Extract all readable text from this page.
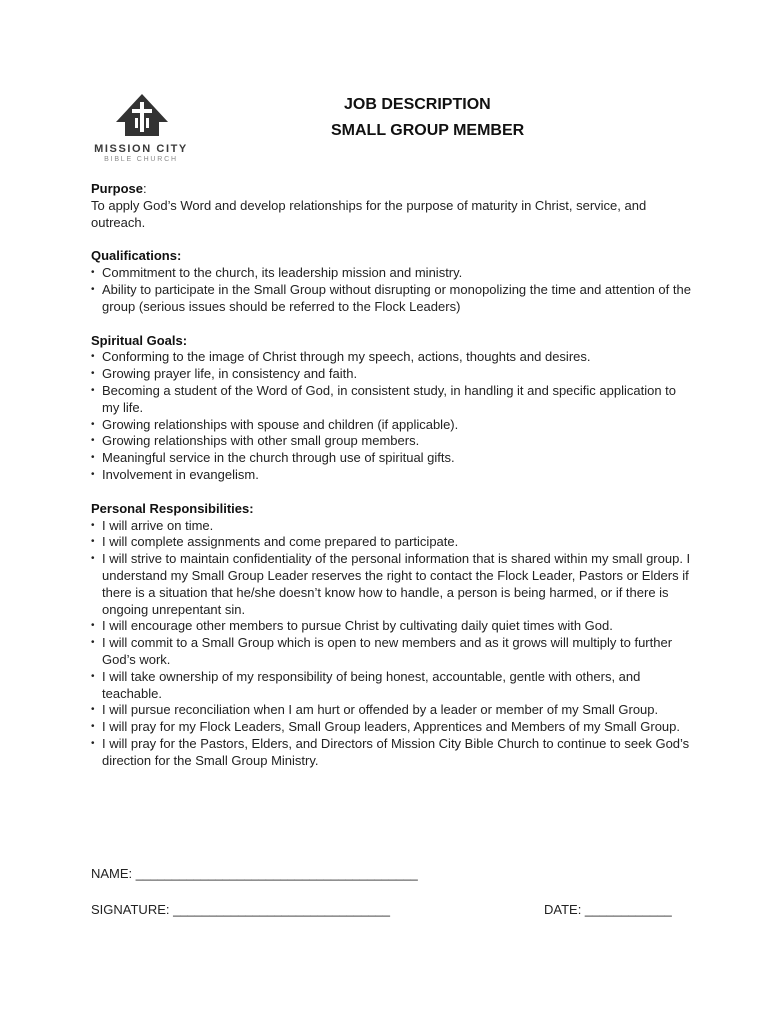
MISSION CITY
BIBLE CHURCH
JOB DESCRIPTION
SMALL GROUP MEMBER
Purpose:

To apply God’s Word and develop relationships for the purpose of maturity in Christ, service, and outreach.

Qualifications:
• Commitment to the church, its leadership mission and ministry.
• Ability to participate in the Small Group without disrupting or monopolizing the time and attention of the group (serious issues should be referred to the Flock Leaders)
Spiritual Goals:
• Conforming to the image of Christ through my speech, actions, thoughts and desires.
• Growing prayer life, in consistency and faith.
• Becoming a student of the Word of God, in consistent study, in handling it and specific application to my life.
• Growing relationships with spouse and children (if applicable).
• Growing relationships with other small group members.
• Meaningful service in the church through use of spiritual gifts.
• Involvement in evangelism.
Personal Responsibilities:
• I will arrive on time.
• I will complete assignments and come prepared to participate.
• I will strive to maintain confidentiality of the personal information that is shared within my small group. I understand my Small Group Leader reserves the right to contact the Flock Leader, Pastors or Elders if there is a situation that he/she doesn’t know how to handle, a person is being harmed, or if there is ongoing unrepentant sin.
• I will encourage other members to pursue Christ by cultivating daily quiet times with God.
• I will commit to a Small Group which is open to new members and as it grows will multiply to further God’s work.
• I will take ownership of my responsibility of being honest, accountable, gentle with others, and teachable.
• I will pursue reconciliation when I am hurt or offended by a leader or member of my Small Group.
• I will pray for my Flock Leaders, Small Group leaders, Apprentices and Members of my Small Group.
• I will pray for the Pastors, Elders, and Directors of Mission City Bible Church to continue to seek God’s direction for the Small Group Ministry.
NAME: _______________________________________
SIGNATURE: ______________________________	DATE: ____________
